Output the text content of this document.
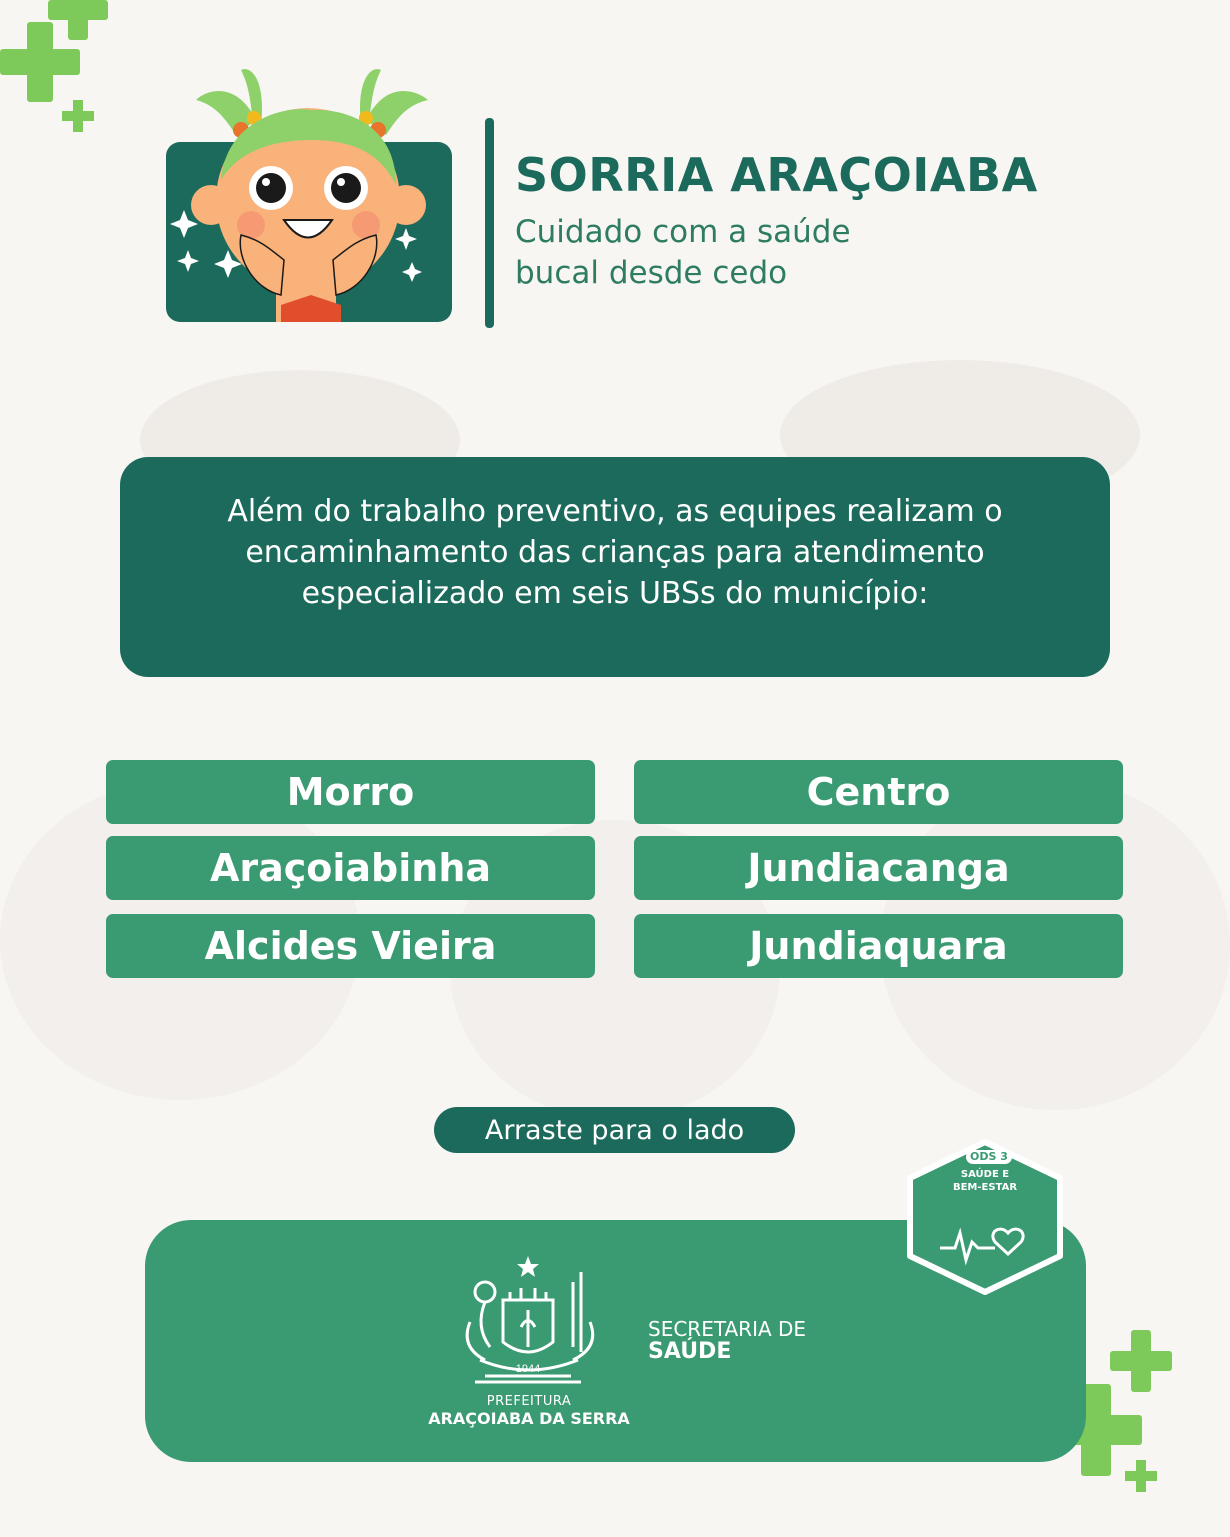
SORRIA ARAÇOIABA
Cuidado com a saúde
bucal desde cedo
Além do trabalho preventivo, as equipes realizam o encaminhamento das crianças para atendimento especializado em seis UBSs do município:
Morro	Centro
Araçoiabinha	Jundiacanga
Alcides Vieira	Jundiaquara
Arraste para o lado
1944
PREFEITURA
ARAÇOIABA DA SERRA
SECRETARIA DE
SAÚDE
ODS 3
SAÚDE E
BEM-ESTAR
